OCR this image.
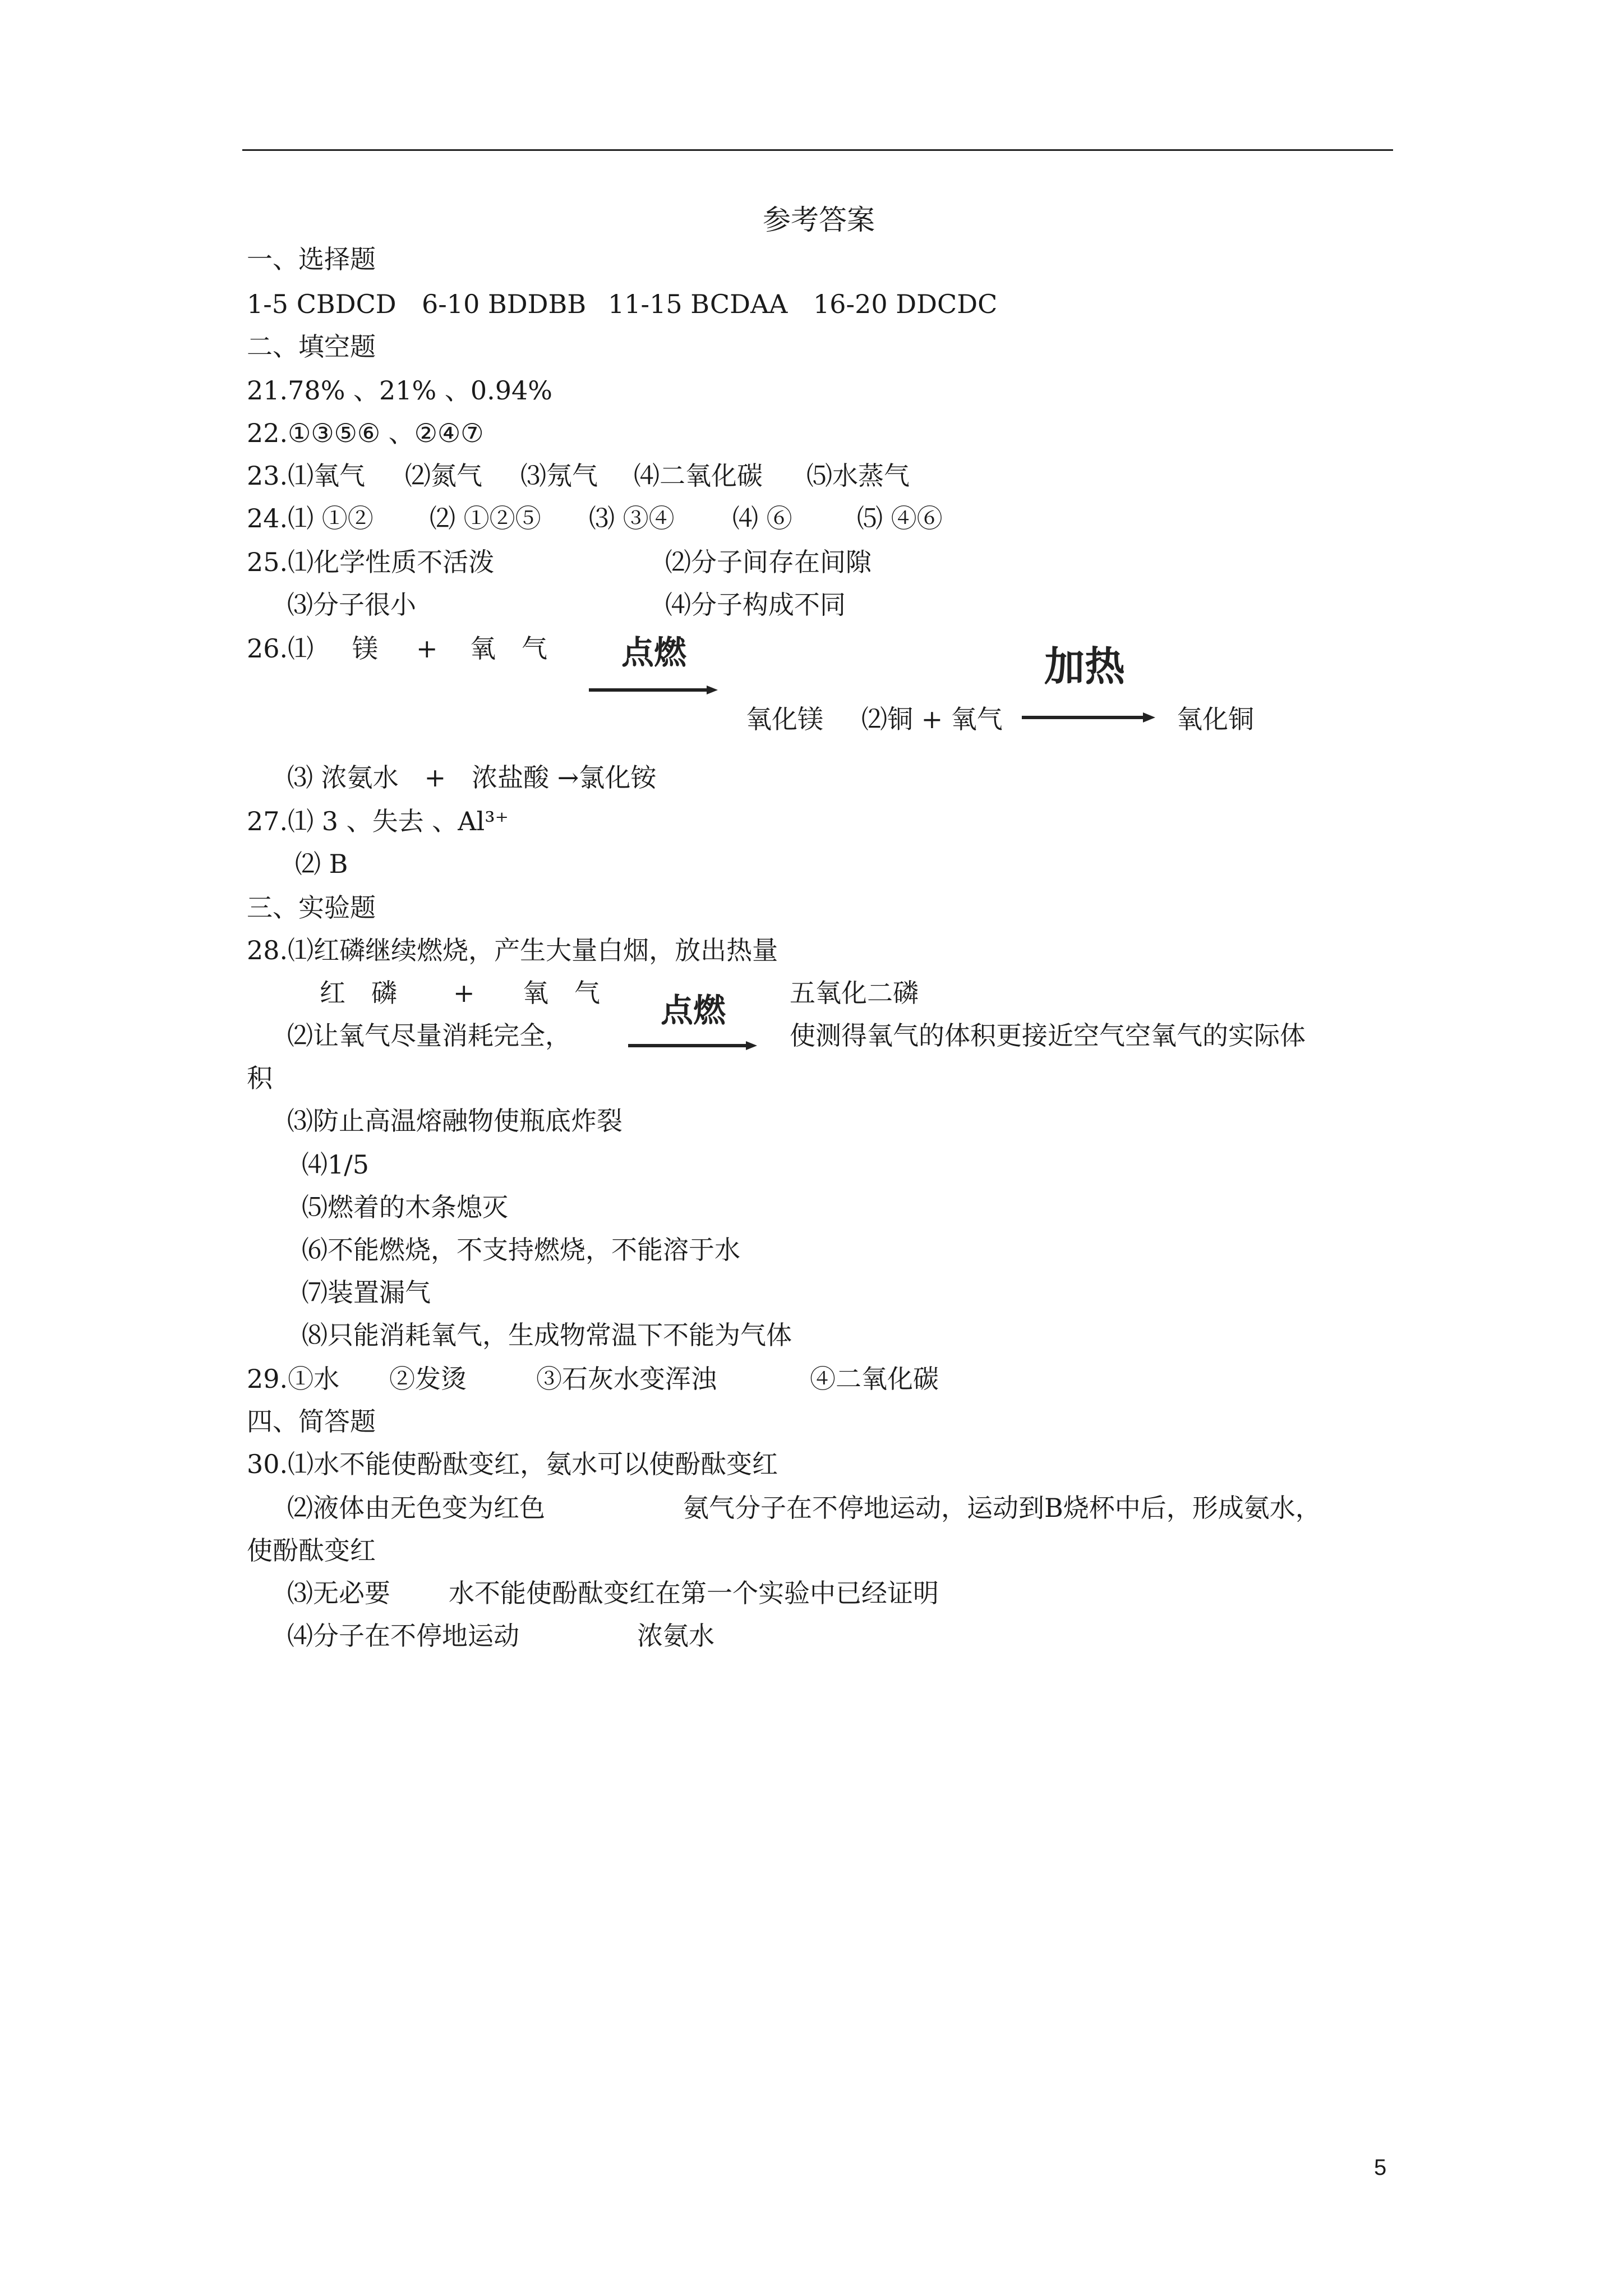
参考答案
一、选择题
1-5 CBDCD 6-10 BDDBB 11-15 BCDAA 16-20 DDCDC
二、填空题
21.78% 、21% 、0.94%
22.①③⑤⑥ 、②④⑦
23.⑴氧气 ⑵氮气 ⑶氖气 ⑷二氧化碳 ⑸水蒸气
24.⑴ ①② ⑵ ①②⑤ ⑶ ③④ ⑷ ⑥	⑸ ④⑥
25.⑴化学性质不活泼	⑵分子间存在间隙
⑶分子很小	⑷分子构成不同
26.⑴ 镁 + 氧　气 点燃	加热
氧化镁 ⑵铜 + 氧气	氧化铜
⑶ 浓氨水　+　浓盐酸 →氯化铵
27.⑴ 3 、失去 、Al³⁺
⑵ B
三、实验题
28.⑴红磷继续燃烧，产生大量白烟，放出热量
红　磷 + 氧　气 点燃 五氧化二磷
⑵让氧气尽量消耗完全，	使测得氧气的体积更接近空气空氧气的实际体
积
⑶防止高温熔融物使瓶底炸裂
⑷1/5
⑸燃着的木条熄灭
⑹不能燃烧，不支持燃烧，不能溶于水
⑺装置漏气
⑻只能消耗氧气，生成物常温下不能为气体
29.①水 ②发烫	③石灰水变浑浊	④二氧化碳
四、简答题
30.⑴水不能使酚酞变红，氨水可以使酚酞变红
⑵液体由无色变为红色	氨气分子在不停地运动，运动到B烧杯中后，形成氨水，
使酚酞变红
⑶无必要 水不能使酚酞变红在第一个实验中已经证明
⑷分子在不停地运动	浓氨水
5
